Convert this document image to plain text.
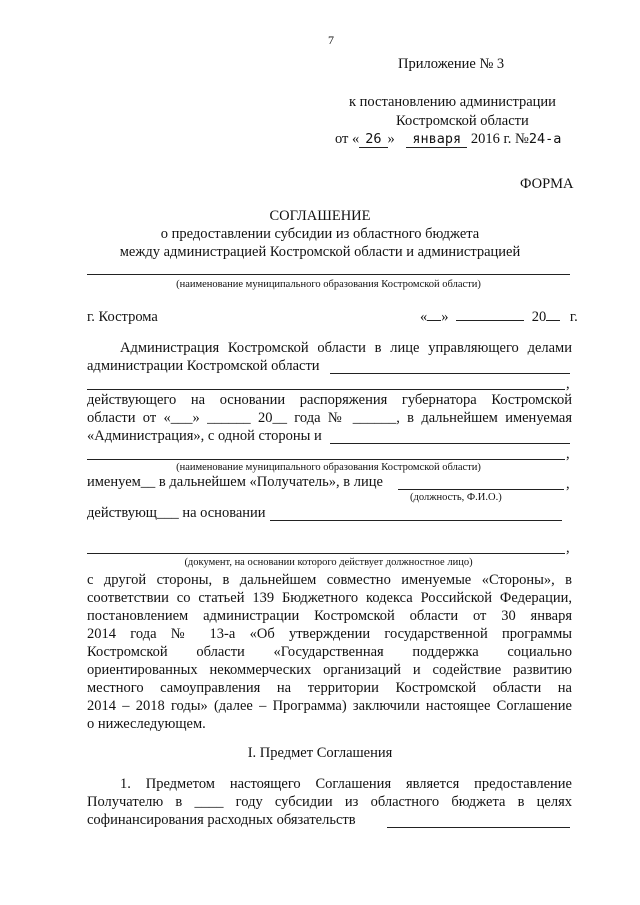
7
Приложение № 3
к постановлению администрации
Костромской области
от « 26 » января 2016 г. №24-а
ФОРМА
СОГЛАШЕНИЕ
о предоставлении субсидии из областного бюджета
между администрацией Костромской области и администрацией
(наименование муниципального образования Костромской области)
г. Кострома	« »	20 г.
Администрация Костромской области в лице управляющего делами
администрации Костромской области
,
действующего на основании распоряжения губернатора Костромской
области от «___» ______ 20__ года № ______, в дальнейшем именуемая
«Администрация», с одной стороны и
,
(наименование муниципального образования Костромской области)
именуем__ в дальнейшем «Получатель», в лице	,
(должность, Ф.И.О.)
действующ___ на основании
,
(документ, на основании которого действует должностное лицо)
с другой стороны, в дальнейшем совместно именуемые «Стороны», в
соответствии со статьей 139 Бюджетного кодекса Российской Федерации,
постановлением администрации Костромской области от 30 января
2014 года № 13-а «Об утверждении государственной программы
Костромской области «Государственная поддержка социально
ориентированных некоммерческих организаций и содействие развитию
местного самоуправления на территории Костромской области на
2014 – 2018 годы» (далее – Программа) заключили настоящее Соглашение
о нижеследующем.
I. Предмет Соглашения
1. Предметом настоящего Соглашения является предоставление
Получателю в ____ году субсидии из областного бюджета в целях
софинансирования расходных обязательств
